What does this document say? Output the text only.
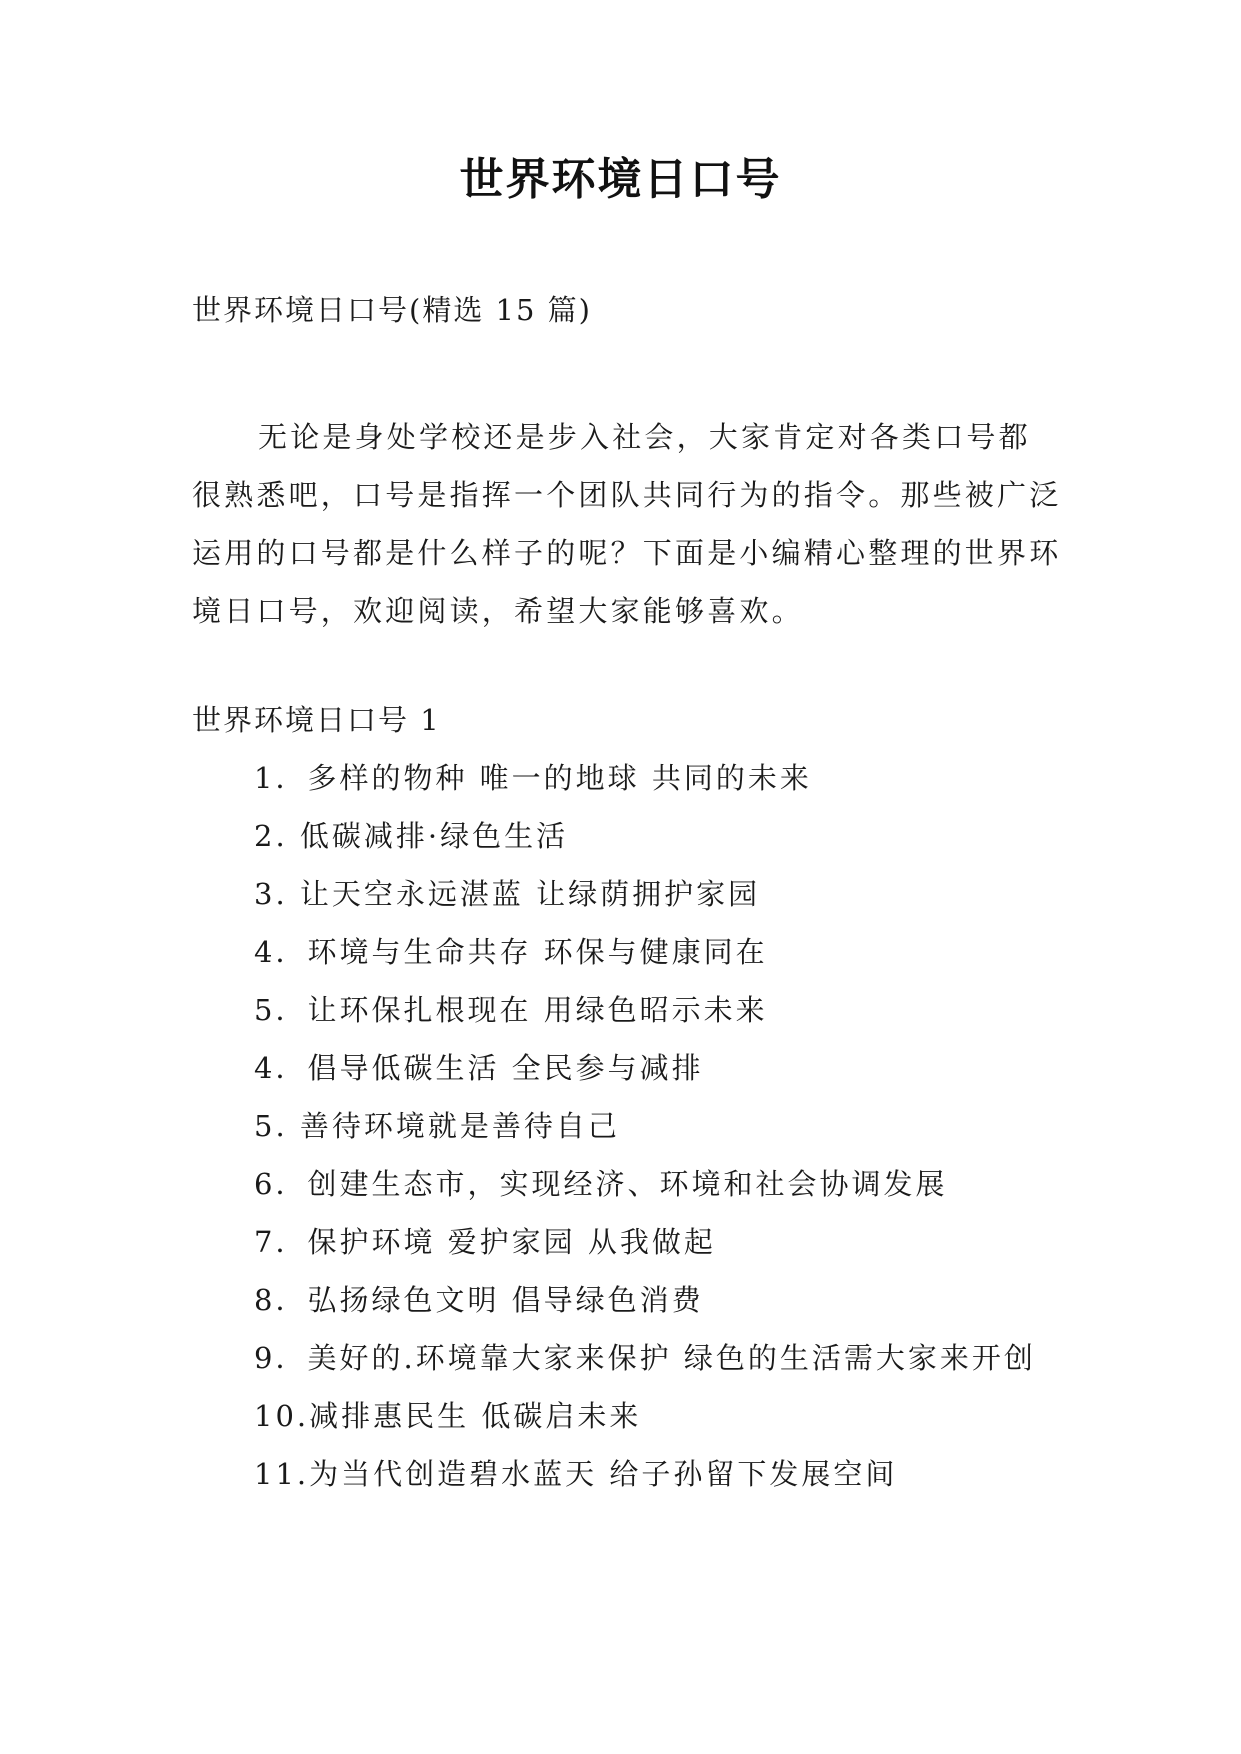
世界环境日口号
世界环境日口号(精选 15 篇)

无论是身处学校还是步入社会，大家肯定对各类口号都很熟悉吧，口号是指挥一个团队共同行为的指令。那些被广泛运用的口号都是什么样子的呢？下面是小编精心整理的世界环境日口号，欢迎阅读，希望大家能够喜欢。

世界环境日口号 1
1．多样的物种 唯一的地球 共同的未来
2. 低碳减排·绿色生活
3. 让天空永远湛蓝 让绿荫拥护家园
4．环境与生命共存 环保与健康同在
5．让环保扎根现在 用绿色昭示未来
4．倡导低碳生活 全民参与减排
5. 善待环境就是善待自己
6．创建生态市，实现经济、环境和社会协调发展
7．保护环境 爱护家园 从我做起
8．弘扬绿色文明 倡导绿色消费
9．美好的.环境靠大家来保护 绿色的生活需大家来开创
10.减排惠民生 低碳启未来
11.为当代创造碧水蓝天 给子孙留下发展空间
